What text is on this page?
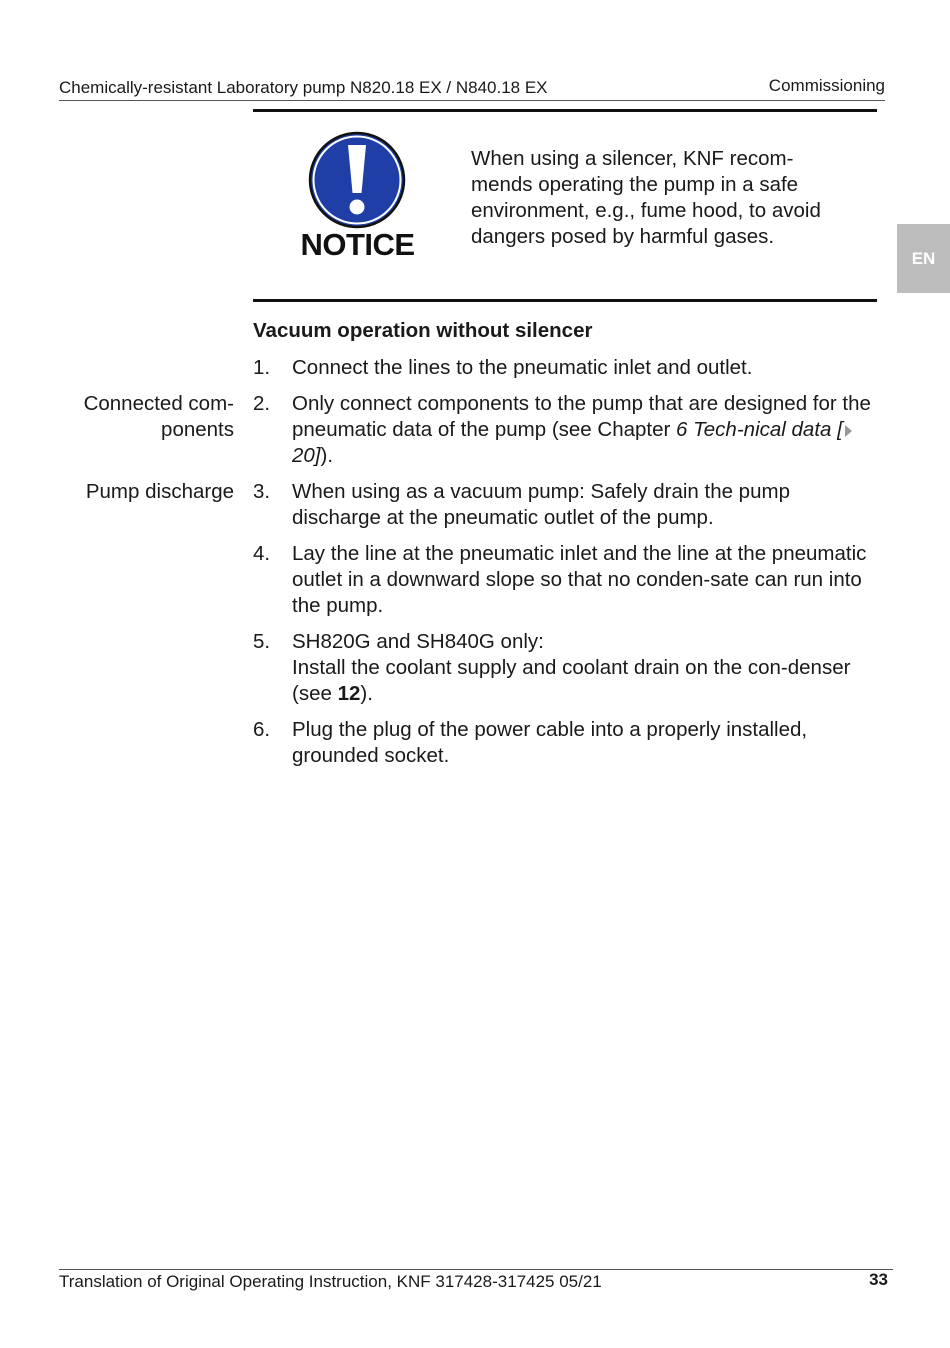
Chemically-resistant Laboratory pump N820.18 EX / N840.18 EX	Commissioning
EN
NOTICE
When using a silencer, KNF recom-
mends operating the pump in a safe
environment, e.g., fume hood, to avoid
dangers posed by harmful gases.
Vacuum operation without silencer
Connected com-
ponents
Pump discharge
1. Connect the lines to the pneumatic inlet and outlet.
2. Only connect components to the pump that are designed for the pneumatic data of the pump (see Chapter 6 Tech-nical data [ 20]).
3. When using as a vacuum pump: Safely drain the pump discharge at the pneumatic outlet of the pump.
4. Lay the line at the pneumatic inlet and the line at the pneumatic outlet in a downward slope so that no conden-sate can run into the pump.
5. SH820G and SH840G only:
Install the coolant supply and coolant drain on the con-denser (see 12).
6. Plug the plug of the power cable into a properly installed, grounded socket.
Translation of Original Operating Instruction, KNF 317428-317425 05/21	33
